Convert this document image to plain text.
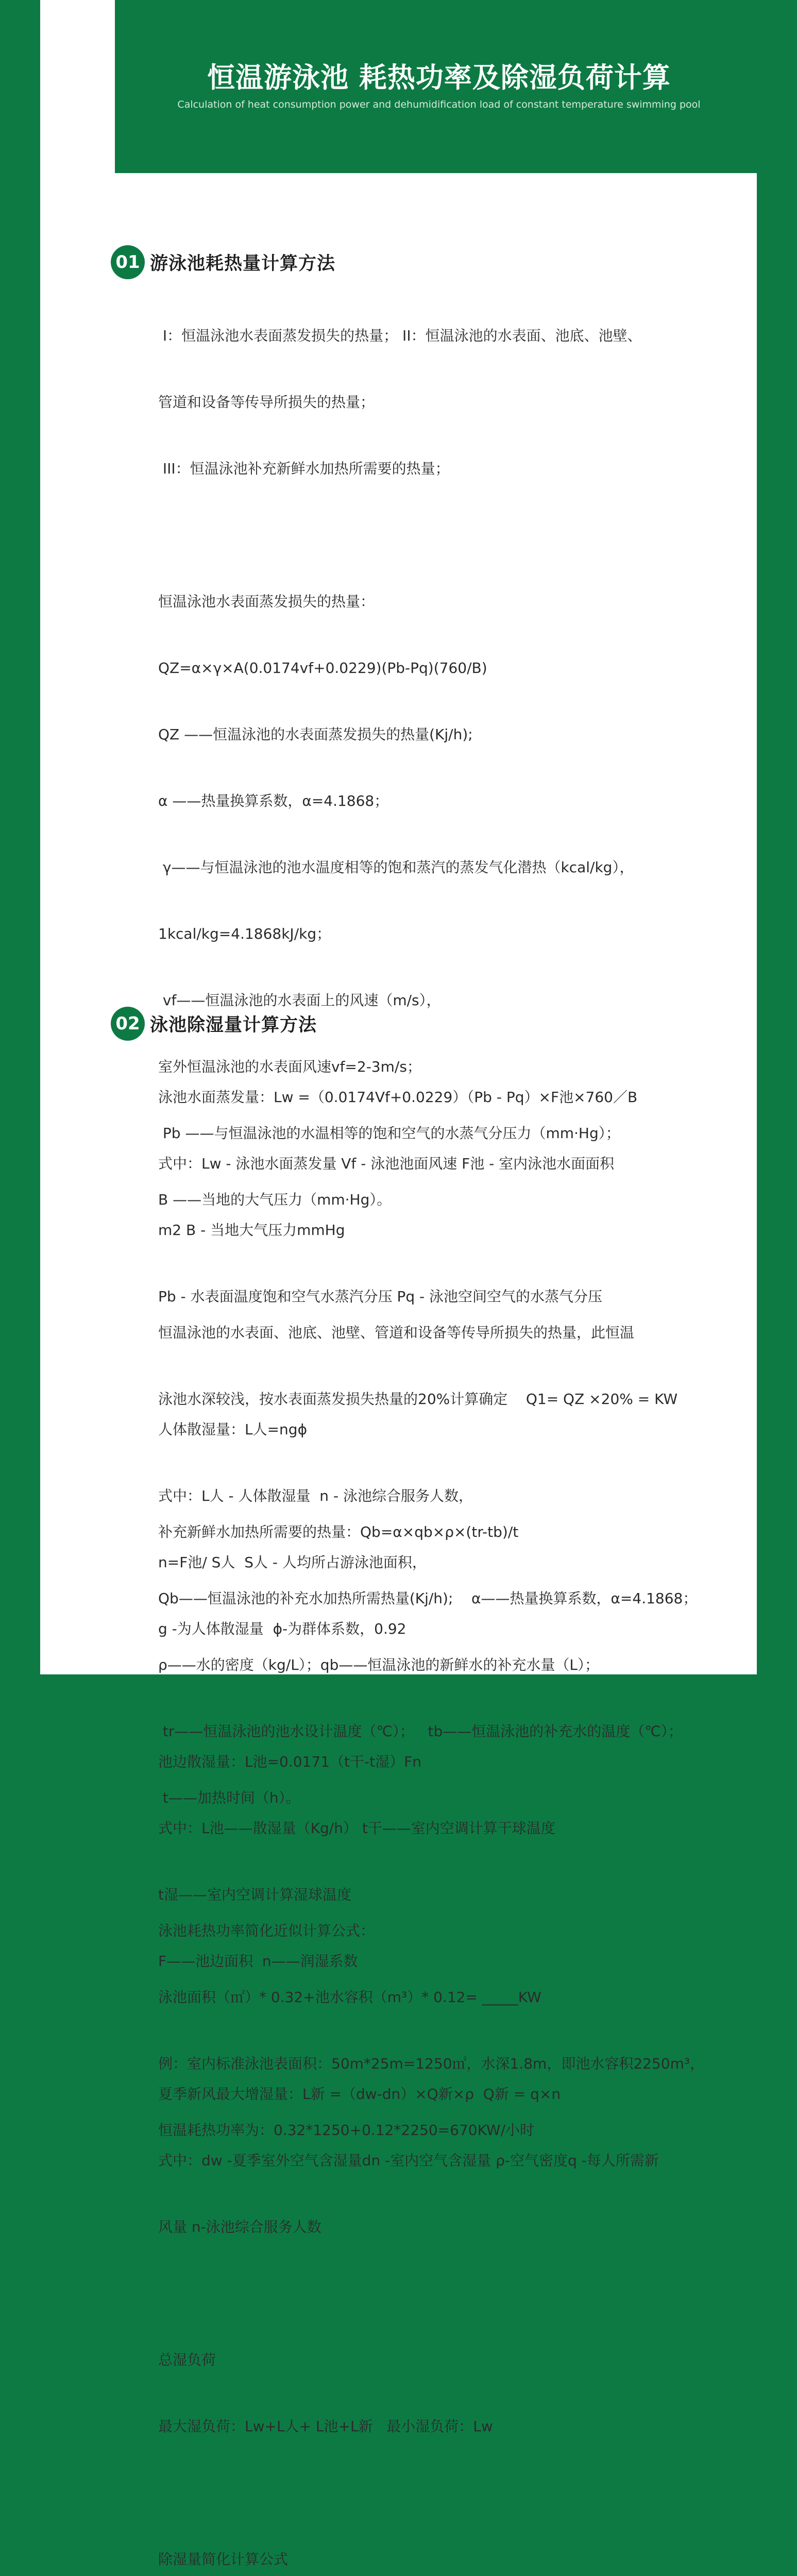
恒温游泳池 耗热功率及除湿负荷计算
Calculation of heat consumption power and dehumidification load of constant temperature swimming pool
01 游泳池耗热量计算方法

I：恒温泳池水表面蒸发损失的热量； II：恒温泳池的水表面、池底、池壁、

管道和设备等传导所损失的热量；

III：恒温泳池补充新鲜水加热所需要的热量；

恒温泳池水表面蒸发损失的热量：

QZ=α×γ×A(0.0174vf+0.0229)(Pb-Pq)(760/B)

QZ ——恒温泳池的水表面蒸发损失的热量(Kj/h);

α ——热量换算系数，α=4.1868；

γ——与恒温泳池的池水温度相等的饱和蒸汽的蒸发气化潜热（kcal/kg），

1kcal/kg=4.1868kJ/kg；

vf——恒温泳池的水表面上的风速（m/s），

室外恒温泳池的水表面风速vf=2-3m/s；

Pb ——与恒温泳池的水温相等的饱和空气的水蒸气分压力（mm·Hg）；

B ——当地的大气压力（mm·Hg）。

恒温泳池的水表面、池底、池壁、管道和设备等传导所损失的热量，此恒温

泳池水深较浅，按水表面蒸发损失热量的20%计算确定    Q1= QZ ×20% = KW

补充新鲜水加热所需要的热量：Qb=α×qb×ρ×(tr-tb)/t

Qb——恒温泳池的补充水加热所需热量(Kj/h);    α——热量换算系数，α=4.1868；

ρ——水的密度（kg/L）；qb——恒温泳池的新鲜水的补充水量（L）；

tr——恒温泳池的池水设计温度（℃）；   tb——恒温泳池的补充水的温度（℃）；

t——加热时间（h）。

泳池耗热功率简化近似计算公式：

泳池面积（㎡）* 0.32+池水容积（m³）* 0.12= _____KW

例：室内标准泳池表面积：50m*25m=1250㎡，水深1.8m，即池水容积2250m³，

恒温耗热功率为：0.32*1250+0.12*2250=670KW/小时

02 泳池除湿量计算方法

泳池水面蒸发量：Lw =（0.0174Vf+0.0229）（Pb - Pq）×F池×760／B

式中：Lw - 泳池水面蒸发量 Vf - 泳池池面风速 F池 - 室内泳池水面面积

m2 B - 当地大气压力mmHg

Pb - 水表面温度饱和空气水蒸汽分压 Pq - 泳池空间空气的水蒸气分压

人体散湿量：L人=ngϕ

式中：L人 - 人体散湿量  n - 泳池综合服务人数，

n=F池/ S人  S人 - 人均所占游泳池面积，

g -为人体散湿量  ϕ-为群体系数，0.92

池边散湿量：L池=0.0171（t干-t湿）Fn

式中：L池——散湿量（Kg/h） t干——室内空调计算干球温度

t湿——室内空调计算湿球温度

F——池边面积  n——润湿系数

夏季新风最大增湿量：L新 =（dw-dn）×Q新×ρ  Q新 = q×n

式中：dw -夏季室外空气含湿量dn -室内空气含湿量 ρ-空气密度q -每人所需新

风量 n-泳池综合服务人数

总湿负荷

最大湿负荷：Lw+L人+ L池+L新   最小湿负荷：Lw

除湿量简化计算公式
